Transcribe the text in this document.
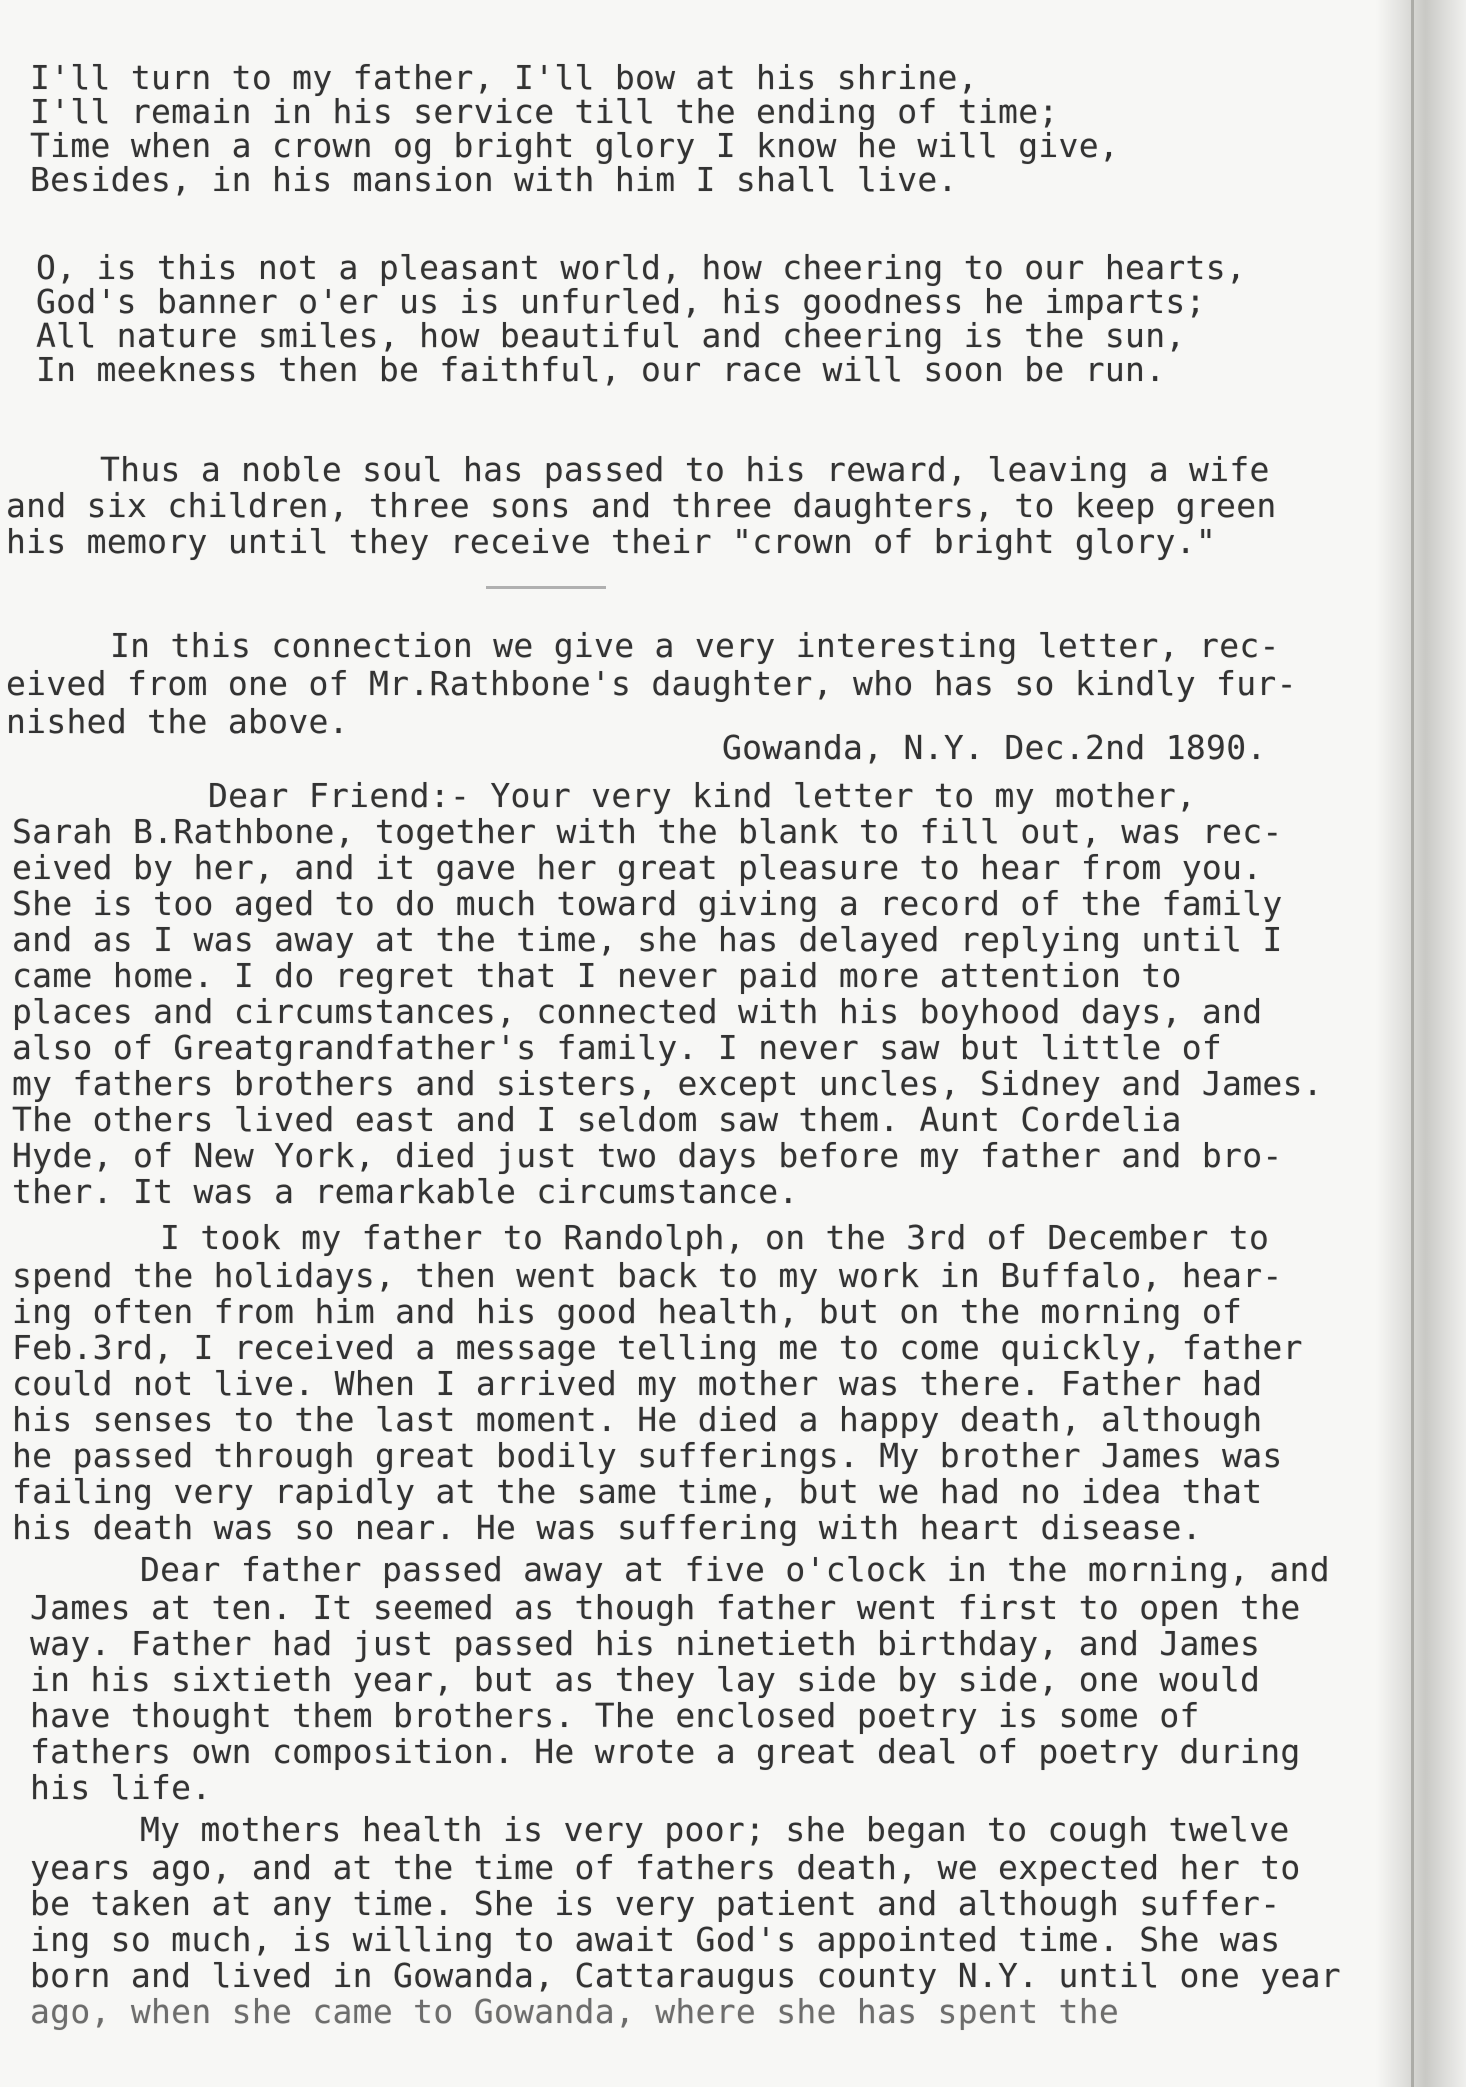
I'll turn to my father, I'll bow at his shrine,
I'll remain in his service till the ending of time;
Time when a crown og bright glory I know he will give,
Besides, in his mansion with him I shall live.
O, is this not a pleasant world, how cheering to our hearts,
God's banner o'er us is unfurled, his goodness he imparts;
All nature smiles, how beautiful and cheering is the sun,
In meekness then be faithful, our race will soon be run.
Thus a noble soul has passed to his reward, leaving a wife
and six children, three sons and three daughters, to keep green
his memory until they receive their "crown of bright glory."
In this connection we give a very interesting letter, rec-
eived from one of Mr.Rathbone's daughter, who has so kindly fur-
nished the above.
Gowanda, N.Y. Dec.2nd 1890.
Dear Friend:- Your very kind letter to my mother,
Sarah B.Rathbone, together with the blank to fill out, was rec-
eived by her, and it gave her great pleasure to hear from you.
She is too aged to do much toward giving a record of the family
and as I was away at the time, she has delayed replying until I
came home. I do regret that I never paid more attention to
places and circumstances, connected with his boyhood days, and
also of Greatgrandfather's family. I never saw but little of
my fathers brothers and sisters, except uncles, Sidney and James.
The others lived east and I seldom saw them. Aunt Cordelia
Hyde, of New York, died just two days before my father and bro-
ther. It was a remarkable circumstance.
I took my father to Randolph, on the 3rd of December to
spend the holidays, then went back to my work in Buffalo, hear-
ing often from him and his good health, but on the morning of
Feb.3rd, I received a message telling me to come quickly, father
could not live. When I arrived my mother was there. Father had
his senses to the last moment. He died a happy death, although
he passed through great bodily sufferings. My brother James was
failing very rapidly at the same time, but we had no idea that
his death was so near. He was suffering with heart disease.
Dear father passed away at five o'clock in the morning, and
James at ten. It seemed as though father went first to open the
way. Father had just passed his ninetieth birthday, and James
in his sixtieth year, but as they lay side by side, one would
have thought them brothers. The enclosed poetry is some of
fathers own composition. He wrote a great deal of poetry during
his life.
My mothers health is very poor; she began to cough twelve
years ago, and at the time of fathers death, we expected her to
be taken at any time. She is very patient and although suffer-
ing so much, is willing to await God's appointed time. She was
born and lived in Gowanda, Cattaraugus county N.Y. until one year
ago, when she came to Gowanda, where she has spent the
